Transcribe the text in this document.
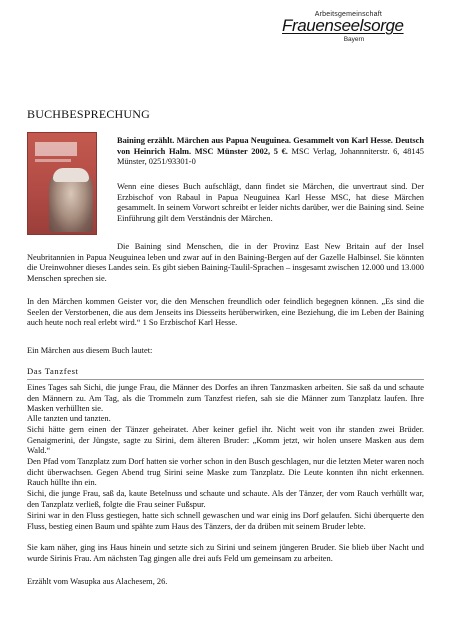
Arbeitsgemeinschaft
Frauenseelsorge
Bayern
BUCHBESPRECHUNG

Baining erzählt. Märchen aus Papua Neuguinea. Gesammelt von Karl Hesse. Deutsch von Heinrich Halm. MSC Münster 2002, 5 €. MSC Verlag, Johannniterstr. 6, 48145 Münster, 0251/93301-0

Wenn eine dieses Buch aufschlägt, dann findet sie Märchen, die unvertraut sind. Der Erzbischof von Rabaul in Papua Neuguinea Karl Hesse MSC, hat diese Märchen gesammelt. In seinem Vorwort schreibt er leider nichts darüber, wer die Baining sind. Seine Einführung gilt dem Verständnis der Märchen.

Die Baining sind Menschen, die in der Provinz East New Britain auf der Insel Neubritannien in Papua Neuguinea leben und zwar auf in den Baining-Bergen auf der Gazelle Halbinsel. Sie könnten die Ureinwohner dieses Landes sein. Es gibt sieben Baining-Taulil-Sprachen – insgesamt zwischen 12.000 und 13.000 Menschen sprechen sie.

In den Märchen kommen Geister vor, die den Menschen freundlich oder feindlich begegnen können. „Es sind die Seelen der Verstorbenen, die aus dem Jenseits ins Diesseits herüberwirken, eine Beziehung, die im Leben der Baining auch heute noch real erlebt wird.“ 1 So Erzbischof Karl Hesse.

Ein Märchen aus diesem Buch lautet:

Das Tanzfest

Eines Tages sah Sichi, die junge Frau, die Männer des Dorfes an ihren Tanzmasken arbeiten. Sie saß da und schaute den Männern zu. Am Tag, als die Trommeln zum Tanzfest riefen, sah sie die Männer zum Tanzplatz laufen. Ihre Masken verhüllten sie.

Alle tanzten und tanzten.

Sichi hätte gern einen der Tänzer geheiratet. Aber keiner gefiel ihr. Nicht weit von ihr standen zwei Brüder. Genaigmerini, der Jüngste, sagte zu Sirini, dem älteren Bruder: „Komm jetzt, wir holen unsere Masken aus dem Wald.“

Den Pfad vom Tanzplatz zum Dorf hatten sie vorher schon in den Busch geschlagen, nur die letzten Meter waren noch dicht überwachsen. Gegen Abend trug Sirini seine Maske zum Tanzplatz. Die Leute konnten ihn nicht erkennen. Rauch hüllte ihn ein.

Sichi, die junge Frau, saß da, kaute Betelnuss und schaute und schaute. Als der Tänzer, der vom Rauch verhüllt war, den Tanzplatz verließ, folgte die Frau seiner Fußspur.

Sirini war in den Fluss gestiegen, hatte sich schnell gewaschen und war einig ins Dorf gelaufen. Sichi überquerte den Fluss, bestieg einen Baum und spähte zum Haus des Tänzers, der da drüben mit seinem Bruder lebte.

Sie kam näher, ging ins Haus hinein und setzte sich zu Sirini und seinem jüngeren Bruder. Sie blieb über Nacht und wurde Sirinis Frau. Am nächsten Tag gingen alle drei aufs Feld um gemeinsam zu arbeiten.

Erzählt vom Wasupka aus Alachesem, 26.
